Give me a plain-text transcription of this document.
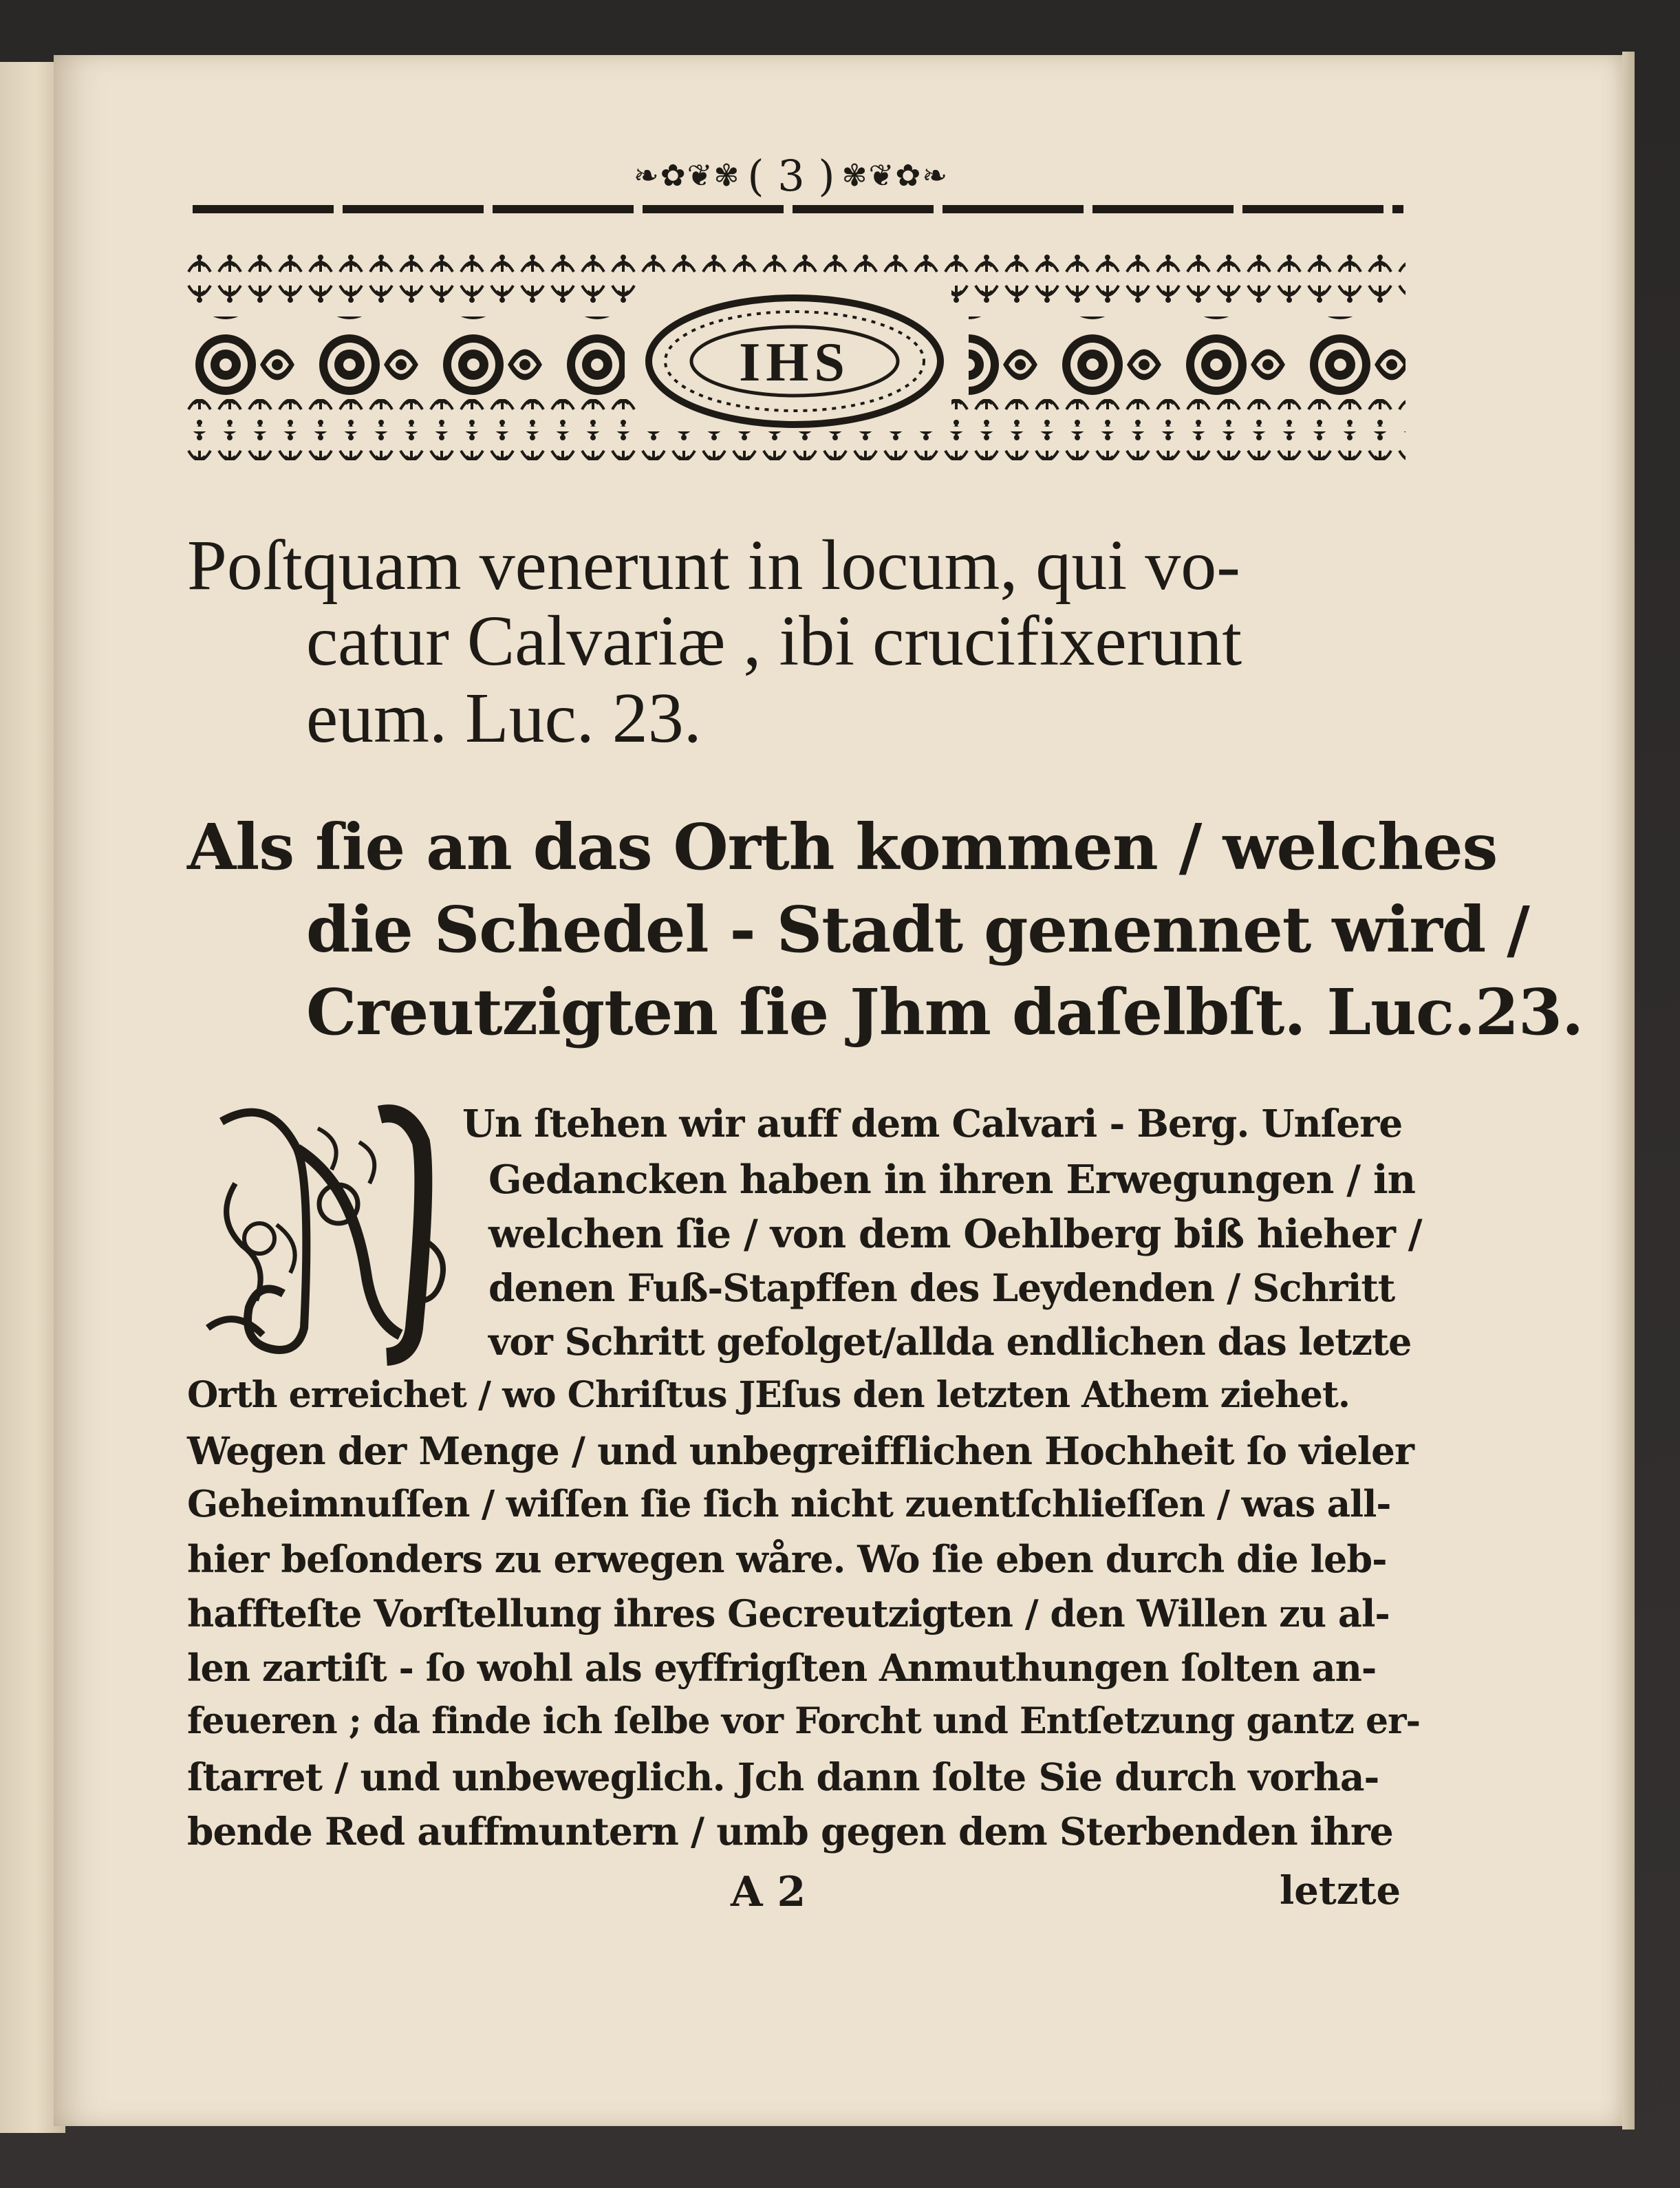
❧✿❦✾ ( 3 ) ✾❦✿❧
IHS
Poſtquam venerunt in locum, qui vo-
catur Calvariæ , ibi crucifixerunt
eum. Luc. 23.
Als ſie an das Orth kommen / welches
die Schedel - Stadt genennet wird /
Creutzigten ſie Jhm daſelbſt. Luc.23.
Un ſtehen wir auff dem Calvari - Berg. Unſere
Gedancken haben in ihren Erwegungen / in
welchen ſie / von dem Oehlberg biß hieher /
denen Fuß-Stapffen des Leydenden / Schritt
vor Schritt gefolget/allda endlichen das letzte
Orth erreichet / wo Chriſtus JEſus den letzten Athem ziehet.
Wegen der Menge / und unbegreifflichen Hochheit ſo vieler
Geheimnuſſen / wiſſen ſie ſich nicht zuentſchlieſſen / was all-
hier beſonders zu erwegen wåre. Wo ſie eben durch die leb-
haffteſte Vorſtellung ihres Gecreutzigten / den Willen zu al-
len zartiſt - ſo wohl als eyffrigſten Anmuthungen ſolten an-
feueren ; da finde ich ſelbe vor Forcht und Entſetzung gantz er-
ſtarret / und unbeweglich. Jch dann ſolte Sie durch vorha-
bende Red auffmuntern / umb gegen dem Sterbenden ihre
A 2	letzte
